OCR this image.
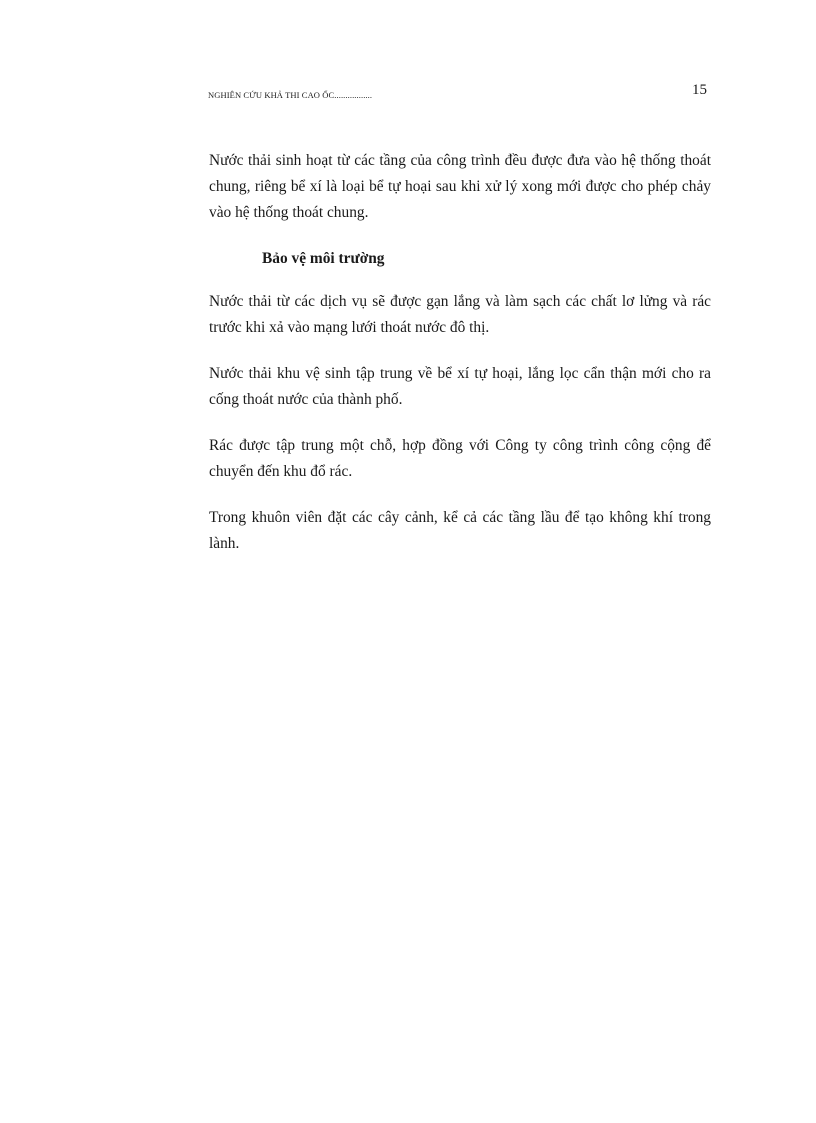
NGHIÊN CỨU KHẢ THI CAO ỐC.................	15

Nước thải sinh hoạt từ các tầng của công trình đều được đưa vào hệ thống thoát chung, riêng bể xí là loại bể tự hoại sau khi xử lý xong mới được cho phép chảy vào hệ thống thoát chung.

Bảo vệ môi trường

Nước thải từ các dịch vụ sẽ được gạn lắng và làm sạch các chất lơ lửng và rác trước khi xả vào mạng lưới thoát nước đô thị.

Nước thải khu vệ sinh tập trung về bể xí tự hoại, lắng lọc cẩn thận mới cho ra cống thoát nước của thành phố.

Rác được tập trung một chỗ, hợp đồng với Công ty công trình công cộng để chuyển đến khu đổ rác.

Trong khuôn viên đặt các cây cảnh, kể cả các tầng lầu để tạo không khí trong lành.
